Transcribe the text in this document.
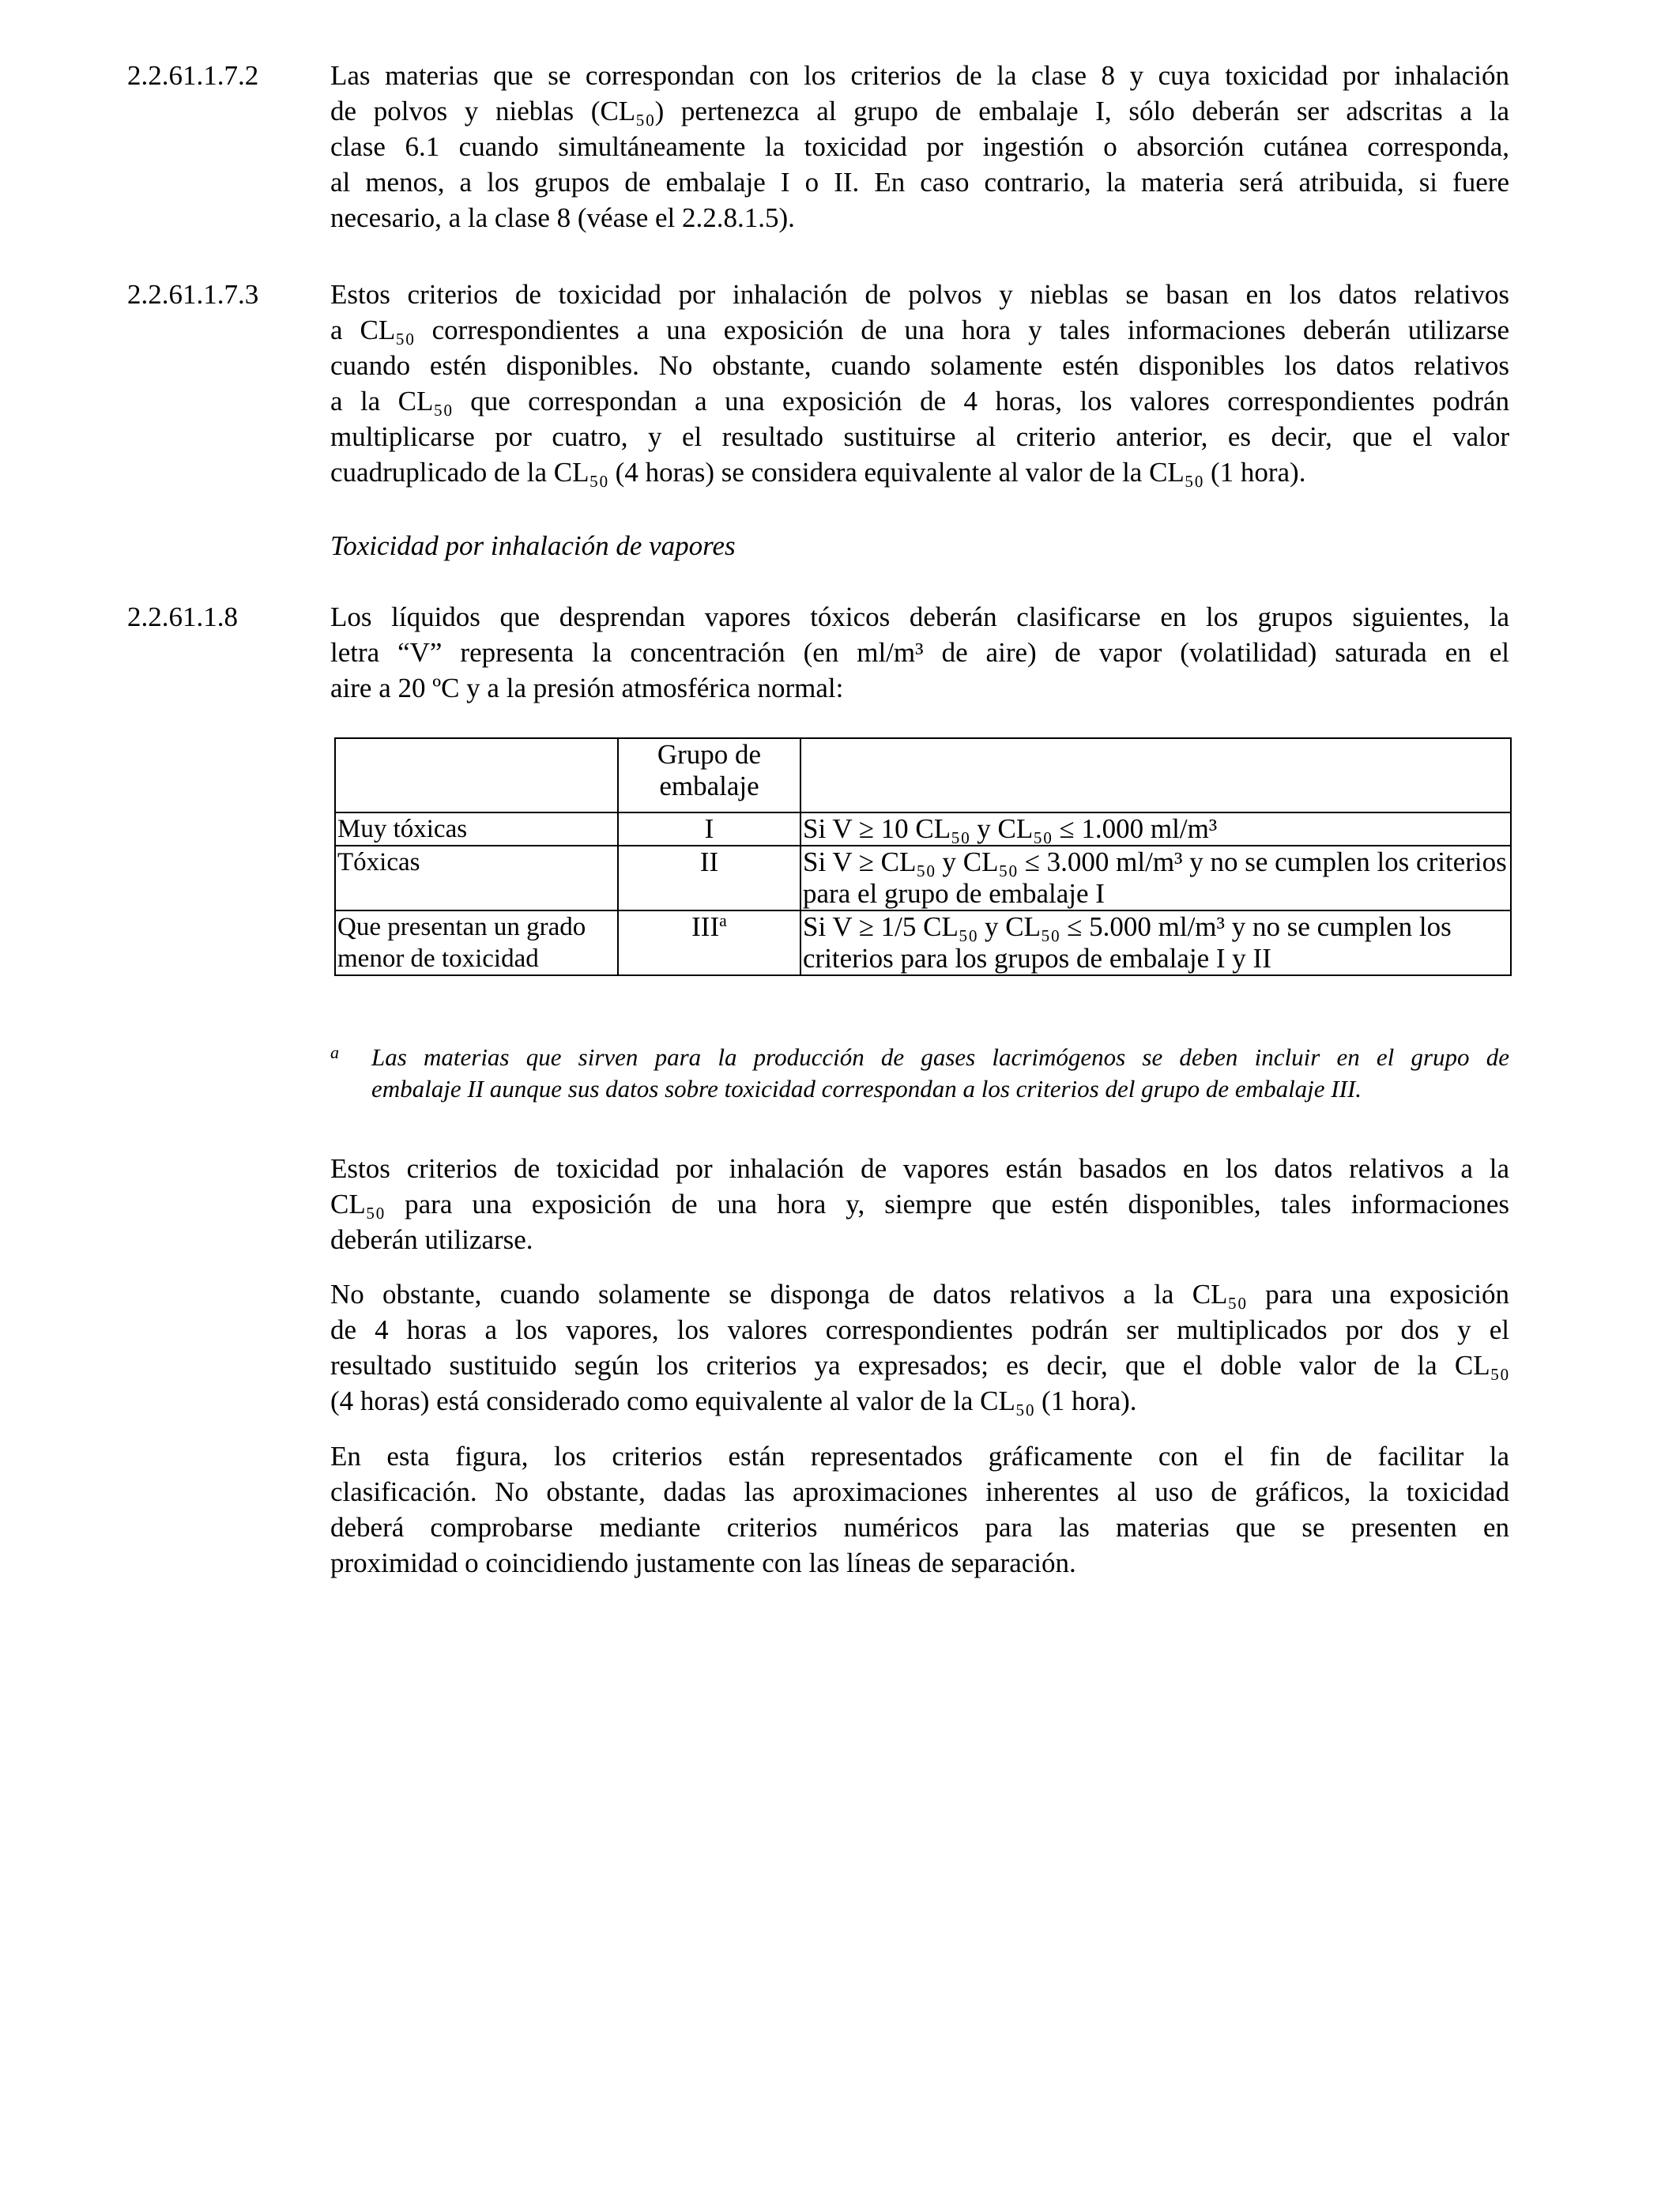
2.2.61.1.7.2	Las materias que se correspondan con los criterios de la clase 8 y cuya toxicidad por inhalación
de polvos y nieblas (CL₅₀) pertenezca al grupo de embalaje I, sólo deberán ser adscritas a la
clase 6.1 cuando simultáneamente la toxicidad por ingestión o absorción cutánea corresponda,
al menos, a los grupos de embalaje I o II. En caso contrario, la materia será atribuida, si fuere
necesario, a la clase 8 (véase el 2.2.8.1.5).
2.2.61.1.7.3	Estos criterios de toxicidad por inhalación de polvos y nieblas se basan en los datos relativos
a CL₅₀ correspondientes a una exposición de una hora y tales informaciones deberán utilizarse
cuando estén disponibles. No obstante, cuando solamente estén disponibles los datos relativos
a la CL₅₀ que correspondan a una exposición de 4 horas, los valores correspondientes podrán
multiplicarse por cuatro, y el resultado sustituirse al criterio anterior, es decir, que el valor
cuadruplicado de la CL₅₀ (4 horas) se considera equivalente al valor de la CL₅₀ (1 hora).
Toxicidad por inhalación de vapores
2.2.61.1.8	Los líquidos que desprendan vapores tóxicos deberán clasificarse en los grupos siguientes, la
letra “V” representa la concentración (en ml/m³ de aire) de vapor (volatilidad) saturada en el
aire a 20 ºC y a la presión atmosférica normal:
	Grupo de embalaje	
Muy tóxicas	I	Si V ≥ 10 CL₅₀ y CL₅₀ ≤ 1.000 ml/m³
Tóxicas	II	Si V ≥ CL₅₀ y CL₅₀ ≤ 3.000 ml/m³ y no se cumplen los criterios para el grupo de embalaje I
Que presentan un grado menor de toxicidad	III$^a$	Si V ≥ 1/5 CL₅₀ y CL₅₀ ≤ 5.000 ml/m³ y no se cumplen los criterios para los grupos de embalaje I y II
a Las materias que sirven para la producción de gases lacrimógenos se deben incluir en el grupo de
embalaje II aunque sus datos sobre toxicidad correspondan a los criterios del grupo de embalaje III.
Estos criterios de toxicidad por inhalación de vapores están basados en los datos relativos a la
CL₅₀ para una exposición de una hora y, siempre que estén disponibles, tales informaciones
deberán utilizarse.
No obstante, cuando solamente se disponga de datos relativos a la CL₅₀ para una exposición
de 4 horas a los vapores, los valores correspondientes podrán ser multiplicados por dos y el
resultado sustituido según los criterios ya expresados; es decir, que el doble valor de la CL₅₀
(4 horas) está considerado como equivalente al valor de la CL₅₀ (1 hora).
En esta figura, los criterios están representados gráficamente con el fin de facilitar la
clasificación. No obstante, dadas las aproximaciones inherentes al uso de gráficos, la toxicidad
deberá comprobarse mediante criterios numéricos para las materias que se presenten en
proximidad o coincidiendo justamente con las líneas de separación.
